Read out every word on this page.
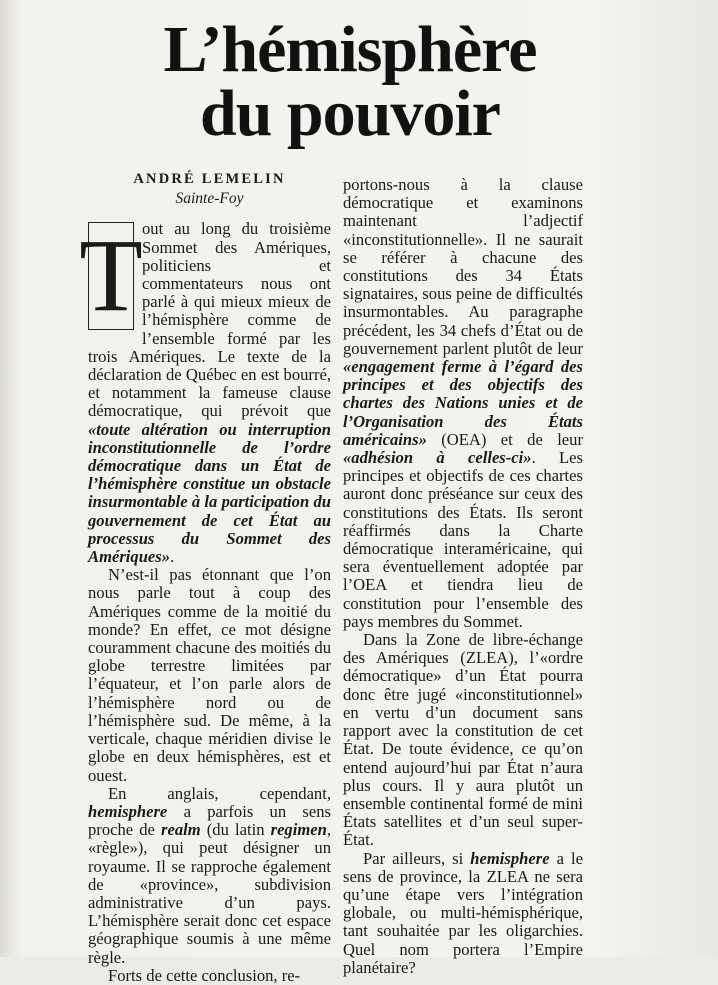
L’hémisphère
du pouvoir
ANDRÉ LEMELIN
Sainte-Foy

T out au long du troisième Sommet des Amériques, politiciens et commentateurs nous ont parlé à qui mieux mieux de l’hémisphère comme de l’ensemble formé par les trois Amériques. Le texte de la déclaration de Québec en est bourré, et notamment la fameuse clause démocratique, qui prévoit que «toute altération ou interruption inconstitutionnelle de l’ordre démocratique dans un État de l’hémisphère constitue un obstacle insurmontable à la participation du gouvernement de cet État au processus du Sommet des Amériques».

N’est-il pas étonnant que l’on nous parle tout à coup des Amériques comme de la moitié du monde? En effet, ce mot désigne couramment chacune des moitiés du globe terrestre limitées par l’équateur, et l’on parle alors de l’hémisphère nord ou de l’hémisphère sud. De même, à la verticale, chaque méridien divise le globe en deux hémisphères, est et ouest.

En anglais, cependant, hemisphere a parfois un sens proche de realm (du latin regimen, «règle»), qui peut désigner un royaume. Il se rapproche également de «province», subdivision administrative d’un pays. L’hémisphère serait donc cet espace géographique soumis à une même règle.

Forts de cette conclusion, re-

portons-nous à la clause démocratique et examinons maintenant l’adjectif «inconstitutionnelle». Il ne saurait se référer à chacune des constitutions des 34 États signataires, sous peine de difficultés insurmontables. Au paragraphe précédent, les 34 chefs d’État ou de gouvernement parlent plutôt de leur «engagement ferme à l’égard des principes et des objectifs des chartes des Nations unies et de l’Organisation des États américains» (OEA) et de leur «adhésion à celles-ci». Les principes et objectifs de ces chartes auront donc préséance sur ceux des constitutions des États. Ils seront réaffirmés dans la Charte démocratique interaméricaine, qui sera éventuellement adoptée par l’OEA et tiendra lieu de constitution pour l’ensemble des pays membres du Sommet.

Dans la Zone de libre-échange des Amériques (ZLEA), l’«ordre démocratique» d’un État pourra donc être jugé «inconstitutionnel» en vertu d’un document sans rapport avec la constitution de cet État. De toute évidence, ce qu’on entend aujourd’hui par État n’aura plus cours. Il y aura plutôt un ensemble continental formé de mini États satellites et d’un seul super-État.

Par ailleurs, si hemisphere a le sens de province, la ZLEA ne sera qu’une étape vers l’intégration globale, ou multi-hémisphérique, tant souhaitée par les oligarchies. Quel nom portera l’Empire planétaire?
